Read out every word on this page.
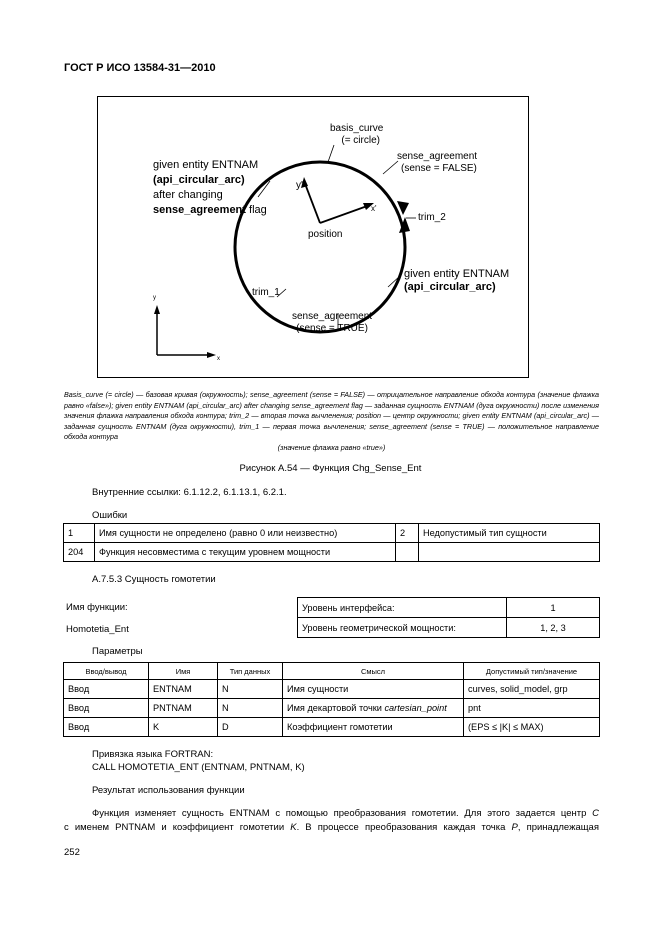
ГОСТ Р ИСО 13584-31—2010
basis_curve
(= circle)
sense_agreement
(sense = FALSE)
given entity ENTNAM
(api_circular_arc)
after changing
sense_agreement flag
y'
x'
position
trim_2
given entity ENTNAM
(api_circular_arc)
trim_1
sense_agreement
(sense = TRUE)
y
x
Basis_curve (= circle) — базовая кривая (окружность); sense_agreement (sense = FALSE) — отрицательное направление обхода контура (значение флажка равно «false»); given entity ENTNAM (api_circular_arc) after changing sense_agreement flag — заданная сущность ENTNAM (дуга окружности) после изменения значения флажка направления обхода контура; trim_2 — вторая точка вычленения; position — центр окружности; given entity ENTNAM (api_circular_arc) — заданная сущность ENTNAM (дуга окружности), trim_1 — первая точка вычленения; sense_agreement (sense = TRUE) — положительное направление обхода контура
(значение флажка равно «true»)
Рисунок А.54 — Функция Chg_Sense_Ent
Внутренние ссылки: 6.1.12.2, 6.1.13.1, 6.2.1.
Ошибки
1	Имя сущности не определено (равно 0 или неизвестно)	2	Недопустимый тип сущности
204	Функция несовместима с текущим уровнем мощности		
А.7.5.3 Сущность гомотетии
Имя функции:
Homotetia_Ent
Уровень интерфейса:	1
Уровень геометрической мощности:	1, 2, 3
Параметры
Ввод/вывод	Имя	Тип данных	Смысл	Допустимый тип/значение
Ввод	ENTNAM	N	Имя сущности	curves, solid_model, grp
Ввод	PNTNAM	N	Имя декартовой точки cartesian_point	pnt
Ввод	K	D	Коэффициент гомотетии	(EPS ≤ |K| ≤ MAX)
Привязка языка FORTRAN:
CALL HOMOTETIA_ENT (ENTNAM, PNTNAM, K)
Результат использования функции
Функция изменяет сущность ENTNAM с помощью преобразования гомотетии. Для этого задается центр C
с именем PNTNAM и коэффициент гомотетии K. В процессе преобразования каждая точка P, принадлежащая
252
